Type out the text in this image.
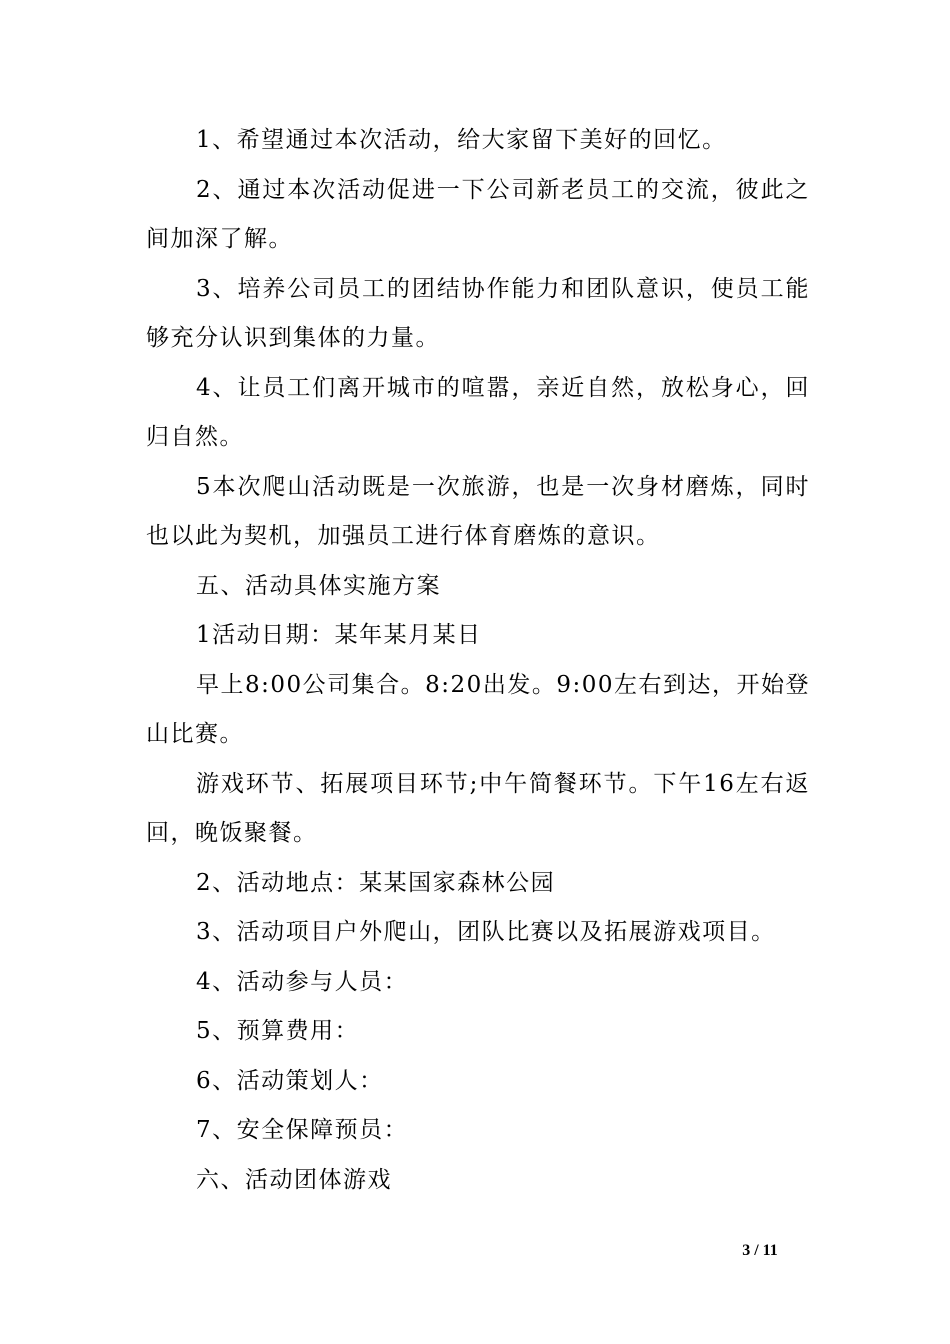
1、希望通过本次活动，给大家留下美好的回忆。

2、通过本次活动促进一下公司新老员工的交流，彼此之间加深了解。

3、培养公司员工的团结协作能力和团队意识，使员工能够充分认识到集体的力量。

4、让员工们离开城市的喧嚣，亲近自然，放松身心，回归自然。

5本次爬山活动既是一次旅游，也是一次身材磨炼，同时也以此为契机，加强员工进行体育磨炼的意识。

五、活动具体实施方案

1活动日期：某年某月某日

早上8:00公司集合。8:20出发。9:00左右到达，开始登山比赛。

游戏环节、拓展项目环节;中午简餐环节。下午16左右返回，晚饭聚餐。

2、活动地点：某某国家森林公园

3、活动项目户外爬山，团队比赛以及拓展游戏项目。

4、活动参与人员：

5、预算费用：

6、活动策划人：

7、安全保障预员：

六、活动团体游戏

3 / 11
